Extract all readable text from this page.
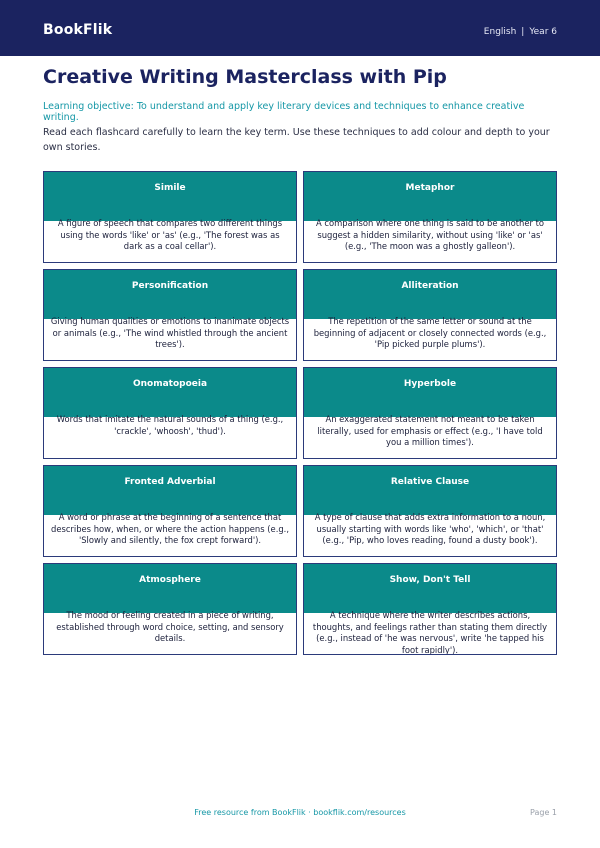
BookFlik	English | Year 6
Creative Writing Masterclass with Pip
Learning objective: To understand and apply key literary devices and techniques to enhance creative writing.
Read each flashcard carefully to learn the key term. Use these techniques to add colour and depth to your own stories.
Simile
A figure of speech that compares two different things using the words 'like' or 'as' (e.g., 'The forest was as dark as a coal cellar').
Metaphor
A comparison where one thing is said to be another to suggest a hidden similarity, without using 'like' or 'as' (e.g., 'The moon was a ghostly galleon').
Personification
Giving human qualities or emotions to inanimate objects or animals (e.g., 'The wind whistled through the ancient trees').
Alliteration
The repetition of the same letter or sound at the beginning of adjacent or closely connected words (e.g., 'Pip picked purple plums').
Onomatopoeia
Words that imitate the natural sounds of a thing (e.g., 'crackle', 'whoosh', 'thud').
Hyperbole
An exaggerated statement not meant to be taken literally, used for emphasis or effect (e.g., 'I have told you a million times').
Fronted Adverbial
A word or phrase at the beginning of a sentence that describes how, when, or where the action happens (e.g., 'Slowly and silently, the fox crept forward').
Relative Clause
A type of clause that adds extra information to a noun, usually starting with words like 'who', 'which', or 'that' (e.g., 'Pip, who loves reading, found a dusty book').
Atmosphere
The mood or feeling created in a piece of writing, established through word choice, setting, and sensory details.
Show, Don't Tell
A technique where the writer describes actions, thoughts, and feelings rather than stating them directly (e.g., instead of 'he was nervous', write 'he tapped his foot rapidly').
Free resource from BookFlik · bookflik.com/resources	Page 1
